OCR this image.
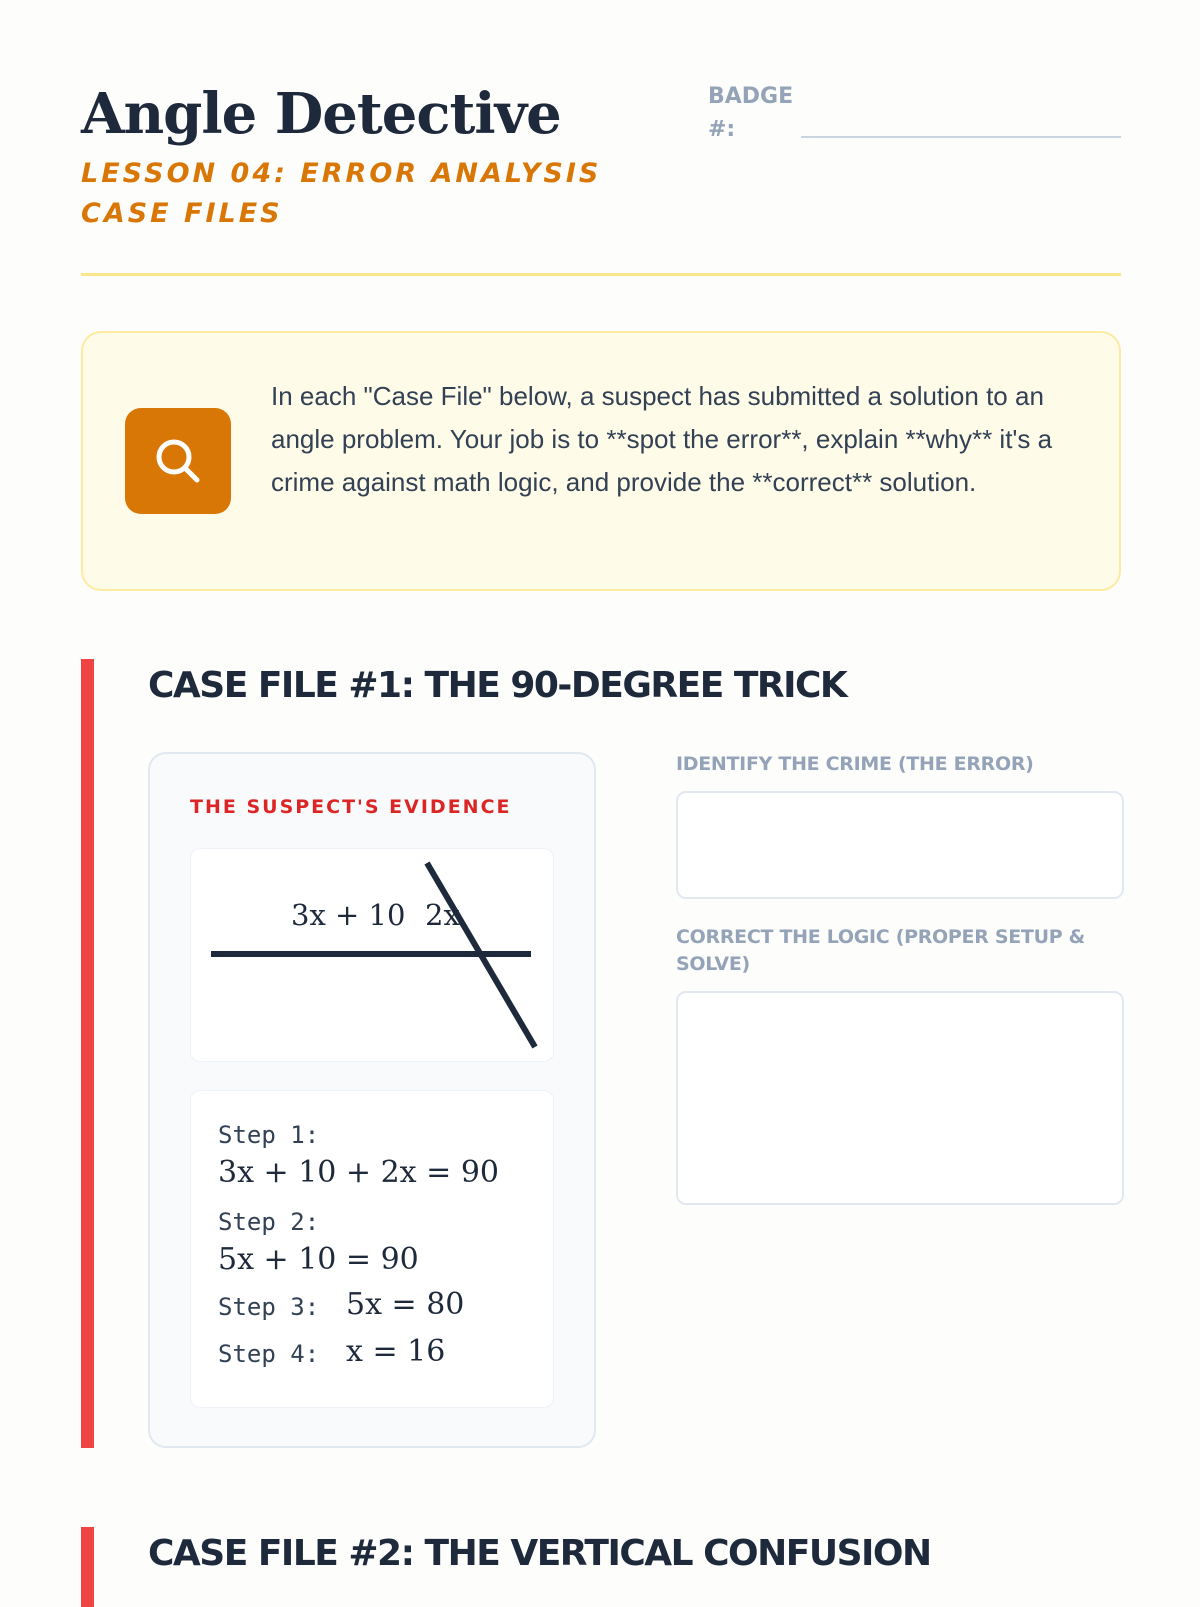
Angle Detective
LESSON 04: ERROR ANALYSIS CASE FILES
BADGE #:
In each "Case File" below, a suspect has submitted a solution to an angle problem. Your job is to **spot the error**, explain **why** it's a crime against math logic, and provide the **correct** solution.
CASE FILE #1: THE 90-DEGREE TRICK
THE SUSPECT'S EVIDENCE
3x + 10 2x
Step 1:
3x + 10 + 2x = 90
Step 2:
5x + 10 = 90
Step 3: 5x = 80
Step 4: x = 16
IDENTIFY THE CRIME (THE ERROR)
CORRECT THE LOGIC (PROPER SETUP & SOLVE)
CASE FILE #2: THE VERTICAL CONFUSION
